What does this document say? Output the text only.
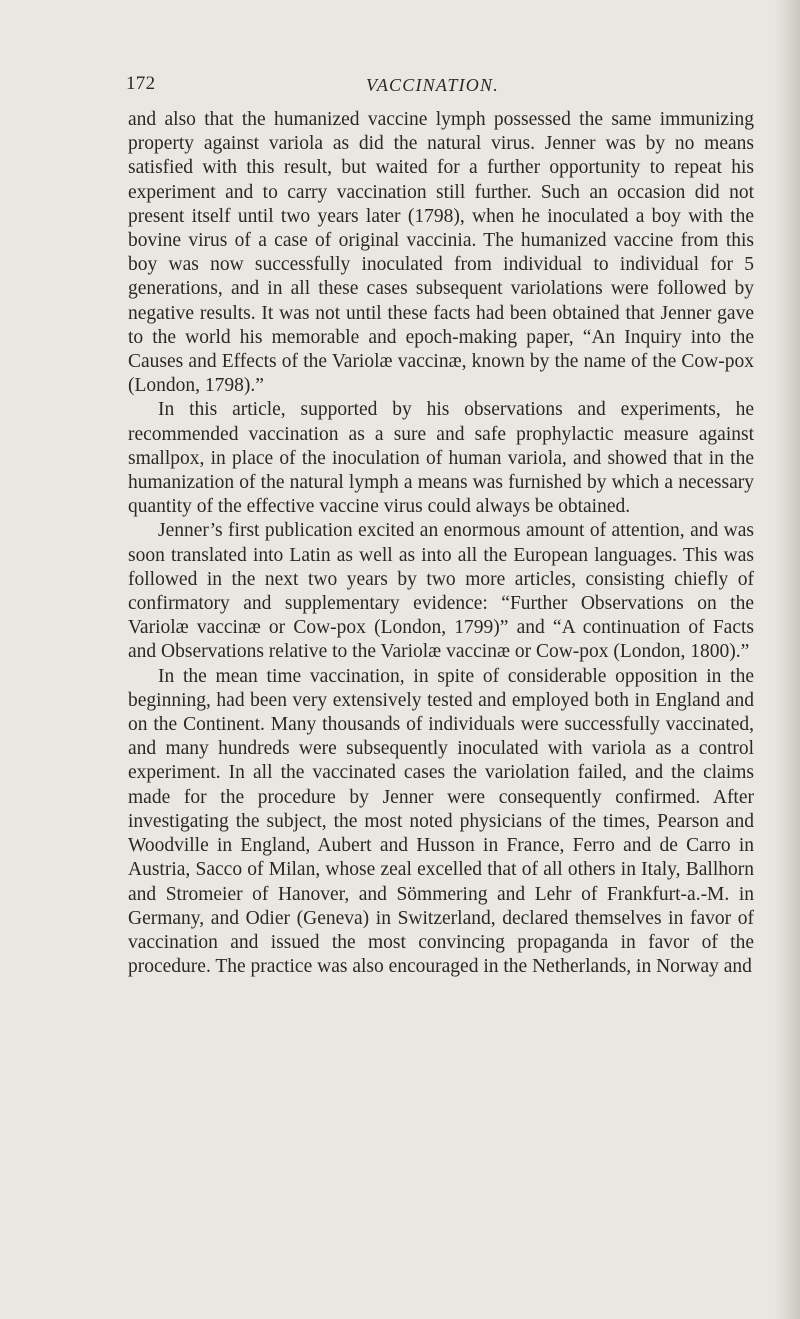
172	VACCINATION.

and also that the humanized vaccine lymph possessed the same immunizing property against variola as did the natural virus. Jenner was by no means satisfied with this result, but waited for a further opportunity to repeat his experiment and to carry vaccination still further. Such an occasion did not present itself until two years later (1798), when he inoculated a boy with the bovine virus of a case of original vaccinia. The humanized vaccine from this boy was now successfully inoculated from individual to individual for 5 generations, and in all these cases subsequent variolations were followed by negative results. It was not until these facts had been obtained that Jenner gave to the world his memorable and epoch-making paper, “An Inquiry into the Causes and Effects of the Variolæ vaccinæ, known by the name of the Cow-pox (London, 1798).”

In this article, supported by his observations and experiments, he recommended vaccination as a sure and safe prophylactic measure against smallpox, in place of the inoculation of human variola, and showed that in the humanization of the natural lymph a means was furnished by which a necessary quantity of the effective vaccine virus could always be obtained.

Jenner’s first publication excited an enormous amount of attention, and was soon translated into Latin as well as into all the European languages. This was followed in the next two years by two more articles, consisting chiefly of confirmatory and supplementary evidence: “Further Observations on the Variolæ vaccinæ or Cow-pox (London, 1799)” and “A continuation of Facts and Observations relative to the Variolæ vaccinæ or Cow-pox (London, 1800).”

In the mean time vaccination, in spite of considerable opposition in the beginning, had been very extensively tested and employed both in England and on the Continent. Many thousands of individuals were successfully vaccinated, and many hundreds were subsequently inoculated with variola as a control experiment. In all the vaccinated cases the variolation failed, and the claims made for the procedure by Jenner were consequently confirmed. After investigating the subject, the most noted physicians of the times, Pearson and Woodville in England, Aubert and Husson in France, Ferro and de Carro in Austria, Sacco of Milan, whose zeal excelled that of all others in Italy, Ballhorn and Stromeier of Hanover, and Sömmering and Lehr of Frankfurt-a.-M. in Germany, and Odier (Geneva) in Switzerland, declared themselves in favor of vaccination and issued the most convincing propaganda in favor of the procedure. The practice was also encouraged in the Netherlands, in Norway and
